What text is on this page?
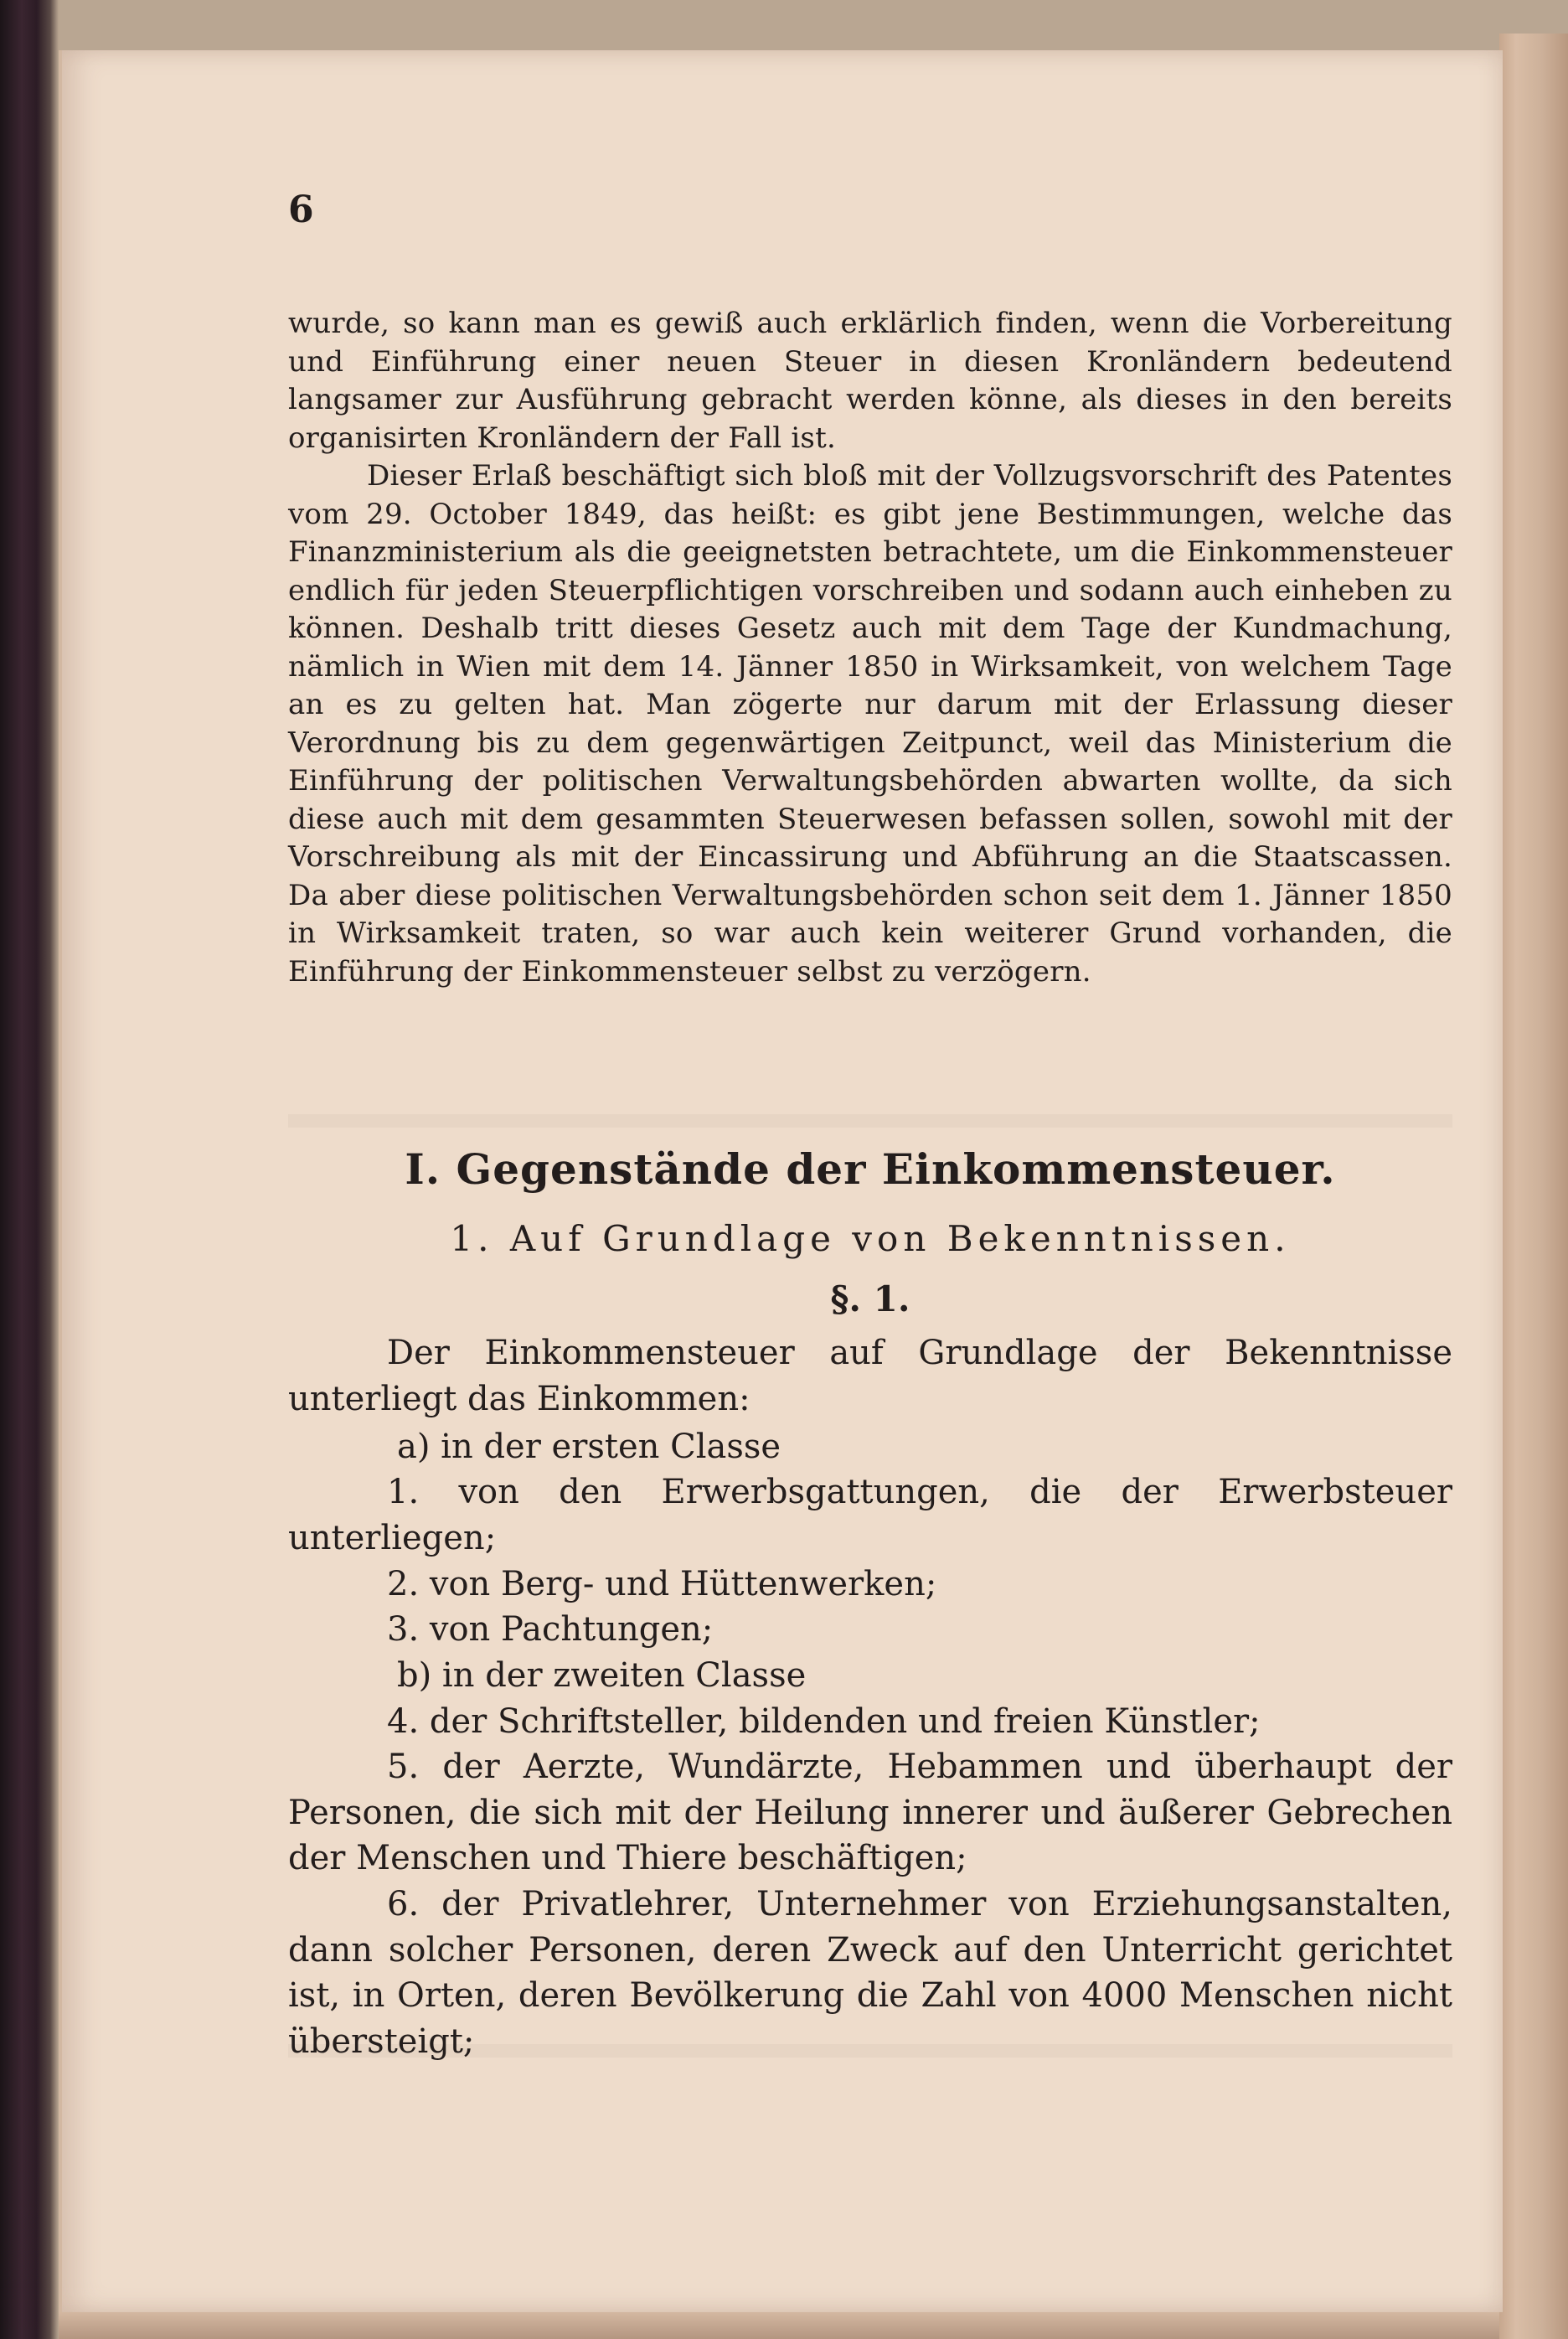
6
wurde, so kann man es gewiß auch erklärlich finden, wenn die Vorbereitung und Einführung einer neuen Steuer in diesen Kronländern bedeutend langsamer zur Ausführung gebracht werden könne, als dieses in den bereits organisirten Kronländern der Fall ist.
Dieser Erlaß beschäftigt sich bloß mit der Vollzugsvorschrift des Patentes vom 29. October 1849, das heißt: es gibt jene Bestimmungen, welche das Finanzministerium als die geeignetsten betrachtete, um die Einkommensteuer endlich für jeden Steuerpflichtigen vorschreiben und sodann auch einheben zu können. Deshalb tritt dieses Gesetz auch mit dem Tage der Kundmachung, nämlich in Wien mit dem 14. Jänner 1850 in Wirksamkeit, von welchem Tage an es zu gelten hat. Man zögerte nur darum mit der Erlassung dieser Verordnung bis zu dem gegenwärtigen Zeitpunct, weil das Ministerium die Einführung der politischen Verwaltungsbehörden abwarten wollte, da sich diese auch mit dem gesammten Steuerwesen befassen sollen, sowohl mit der Vorschreibung als mit der Eincassirung und Abführung an die Staatscassen. Da aber diese politischen Verwaltungsbehörden schon seit dem 1. Jänner 1850 in Wirksamkeit traten, so war auch kein weiterer Grund vorhanden, die Einführung der Einkommensteuer selbst zu verzögern.
I. Gegenstände der Einkommensteuer.
1. Auf Grundlage von Bekenntnissen.
§. 1.
Der Einkommensteuer auf Grundlage der Bekenntnisse unterliegt das Einkommen:
a) in der ersten Classe
1. von den Erwerbsgattungen, die der Erwerbsteuer unterliegen;
2. von Berg- und Hüttenwerken;
3. von Pachtungen;
b) in der zweiten Classe
4. der Schriftsteller, bildenden und freien Künstler;
5. der Aerzte, Wundärzte, Hebammen und überhaupt der Personen, die sich mit der Heilung innerer und äußerer Gebrechen der Menschen und Thiere beschäftigen;
6. der Privatlehrer, Unternehmer von Erziehungsanstalten, dann solcher Personen, deren Zweck auf den Unterricht gerichtet ist, in Orten, deren Bevölkerung die Zahl von 4000 Menschen nicht übersteigt;
